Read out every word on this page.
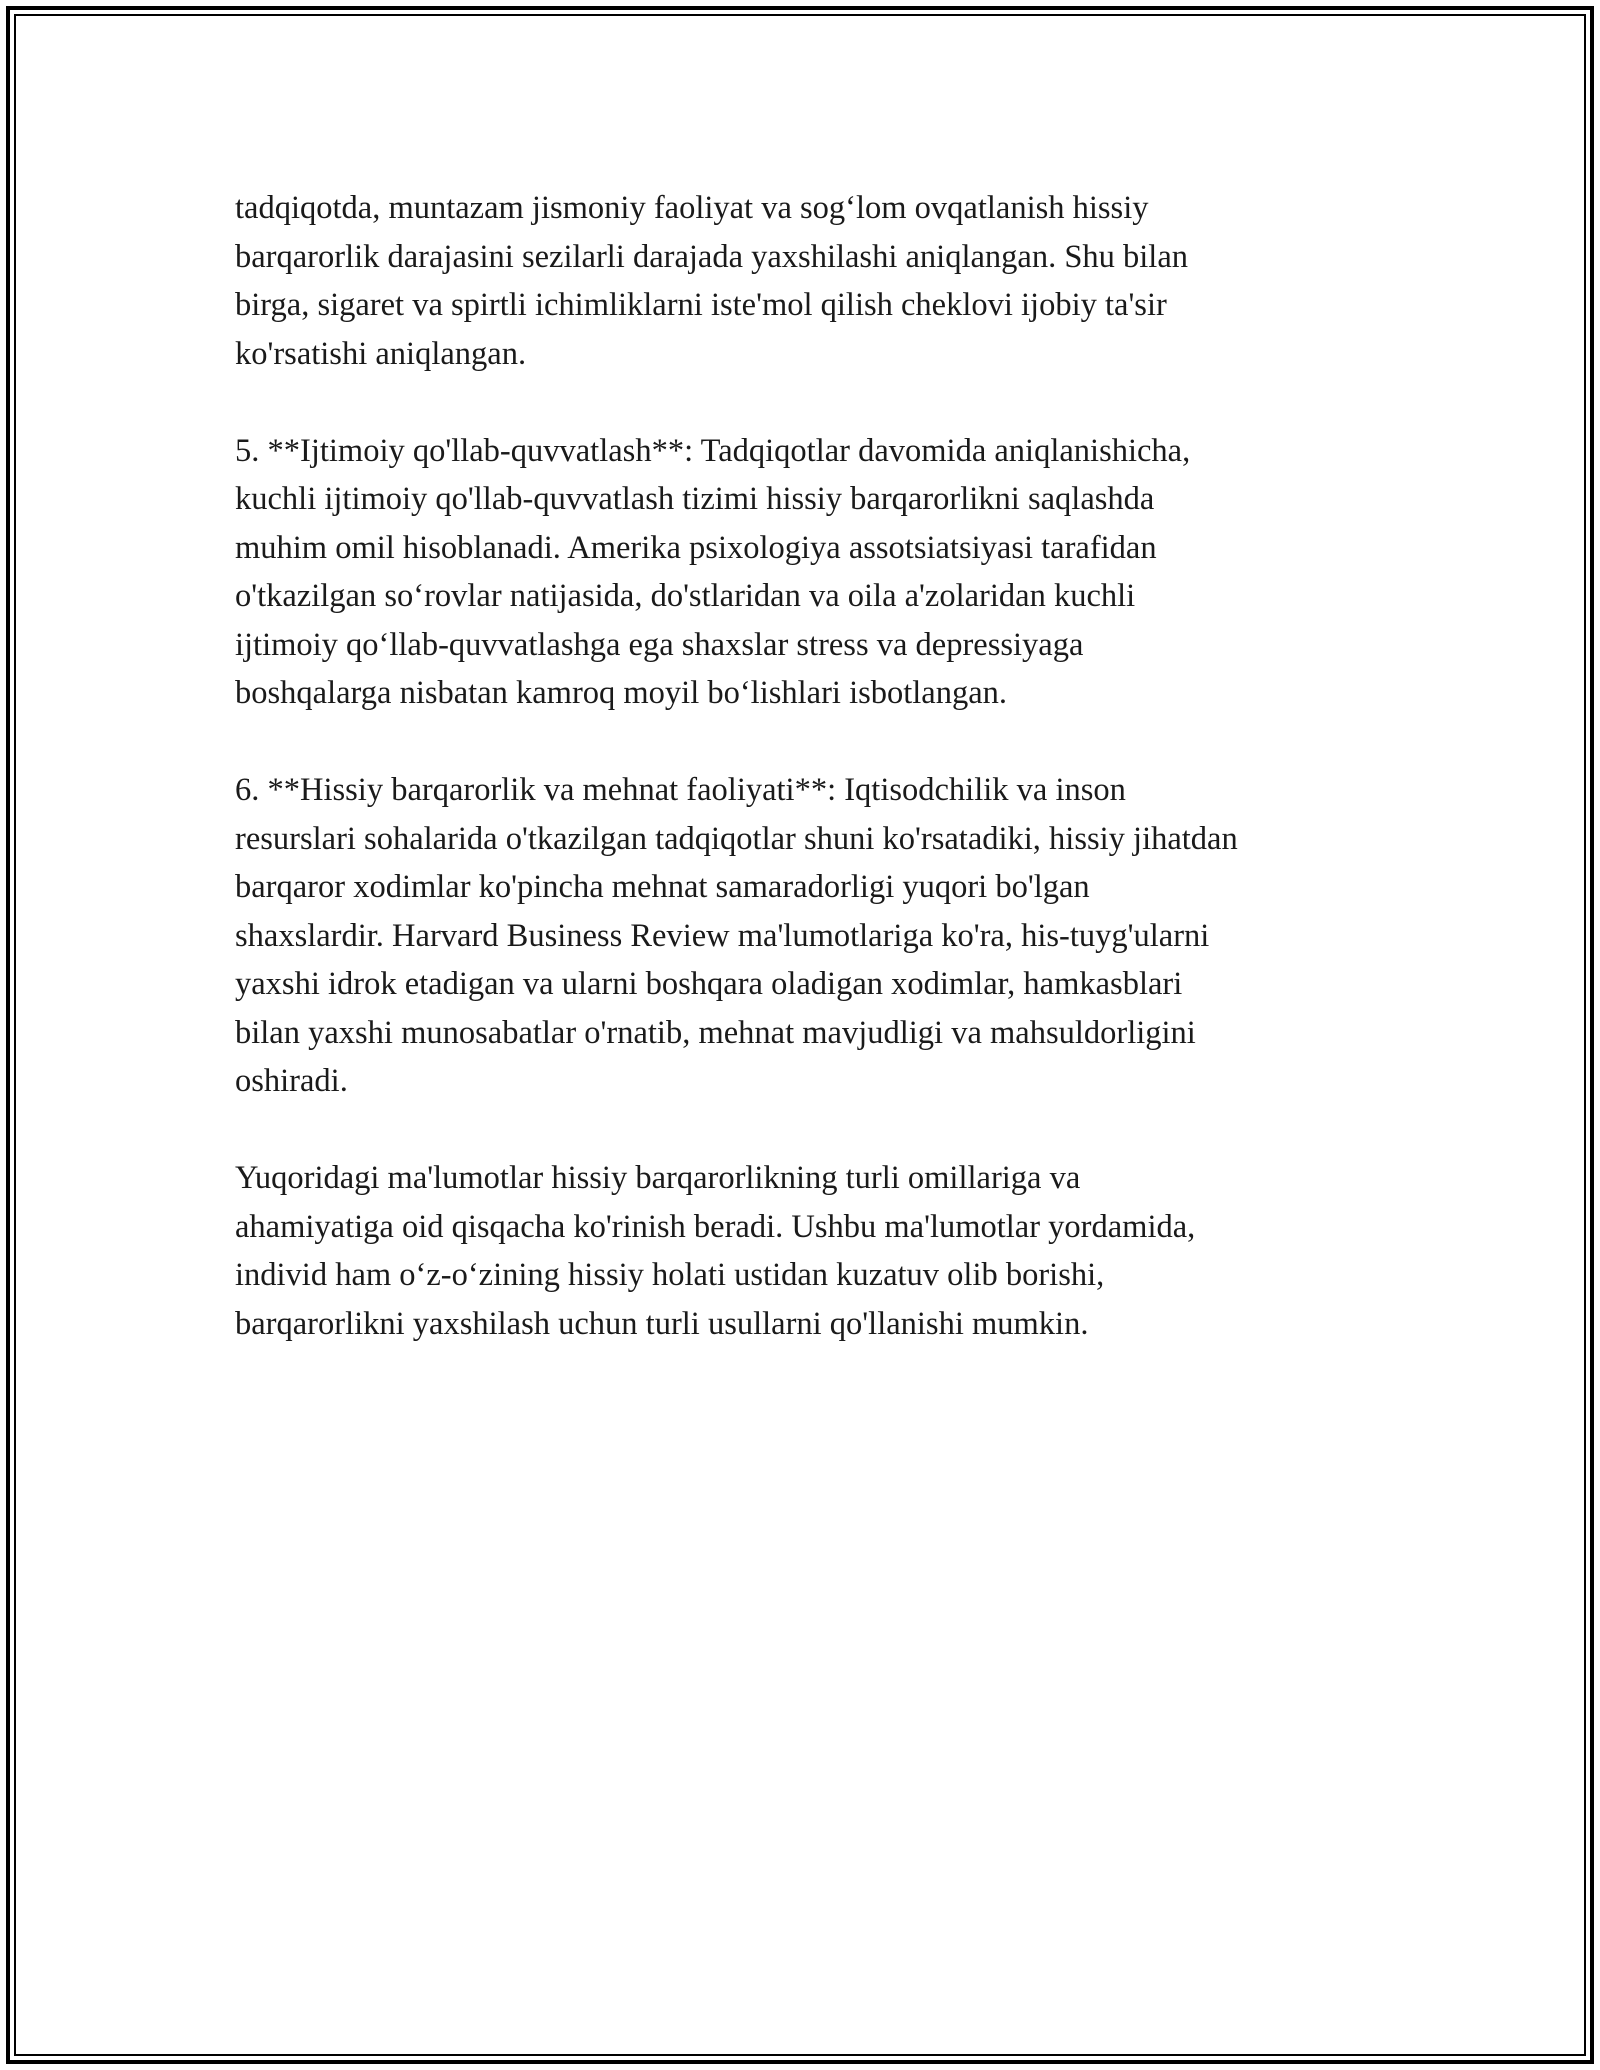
tadqiqotda, muntazam jismoniy faoliyat va sog‘lom ovqatlanish hissiy
barqarorlik darajasini sezilarli darajada yaxshilashi aniqlangan. Shu bilan
birga, sigaret va spirtli ichimliklarni iste'mol qilish cheklovi ijobiy ta'sir
ko'rsatishi aniqlangan.

5. **Ijtimoiy qo'llab-quvvatlash**: Tadqiqotlar davomida aniqlanishicha,
kuchli ijtimoiy qo'llab-quvvatlash tizimi hissiy barqarorlikni saqlashda
muhim omil hisoblanadi. Amerika psixologiya assotsiatsiyasi tarafidan
o'tkazilgan so‘rovlar natijasida, do'stlaridan va oila a'zolaridan kuchli
ijtimoiy qo‘llab-quvvatlashga ega shaxslar stress va depressiyaga
boshqalarga nisbatan kamroq moyil bo‘lishlari isbotlangan.

6. **Hissiy barqarorlik va mehnat faoliyati**: Iqtisodchilik va inson
resurslari sohalarida o'tkazilgan tadqiqotlar shuni ko'rsatadiki, hissiy jihatdan
barqaror xodimlar ko'pincha mehnat samaradorligi yuqori bo'lgan
shaxslardir. Harvard Business Review ma'lumotlariga ko'ra, his-tuyg'ularni
yaxshi idrok etadigan va ularni boshqara oladigan xodimlar, hamkasblari
bilan yaxshi munosabatlar o'rnatib, mehnat mavjudligi va mahsuldorligini
oshiradi.

Yuqoridagi ma'lumotlar hissiy barqarorlikning turli omillariga va
ahamiyatiga oid qisqacha ko'rinish beradi. Ushbu ma'lumotlar yordamida,
individ ham o‘z-o‘zining hissiy holati ustidan kuzatuv olib borishi,
barqarorlikni yaxshilash uchun turli usullarni qo'llanishi mumkin.
